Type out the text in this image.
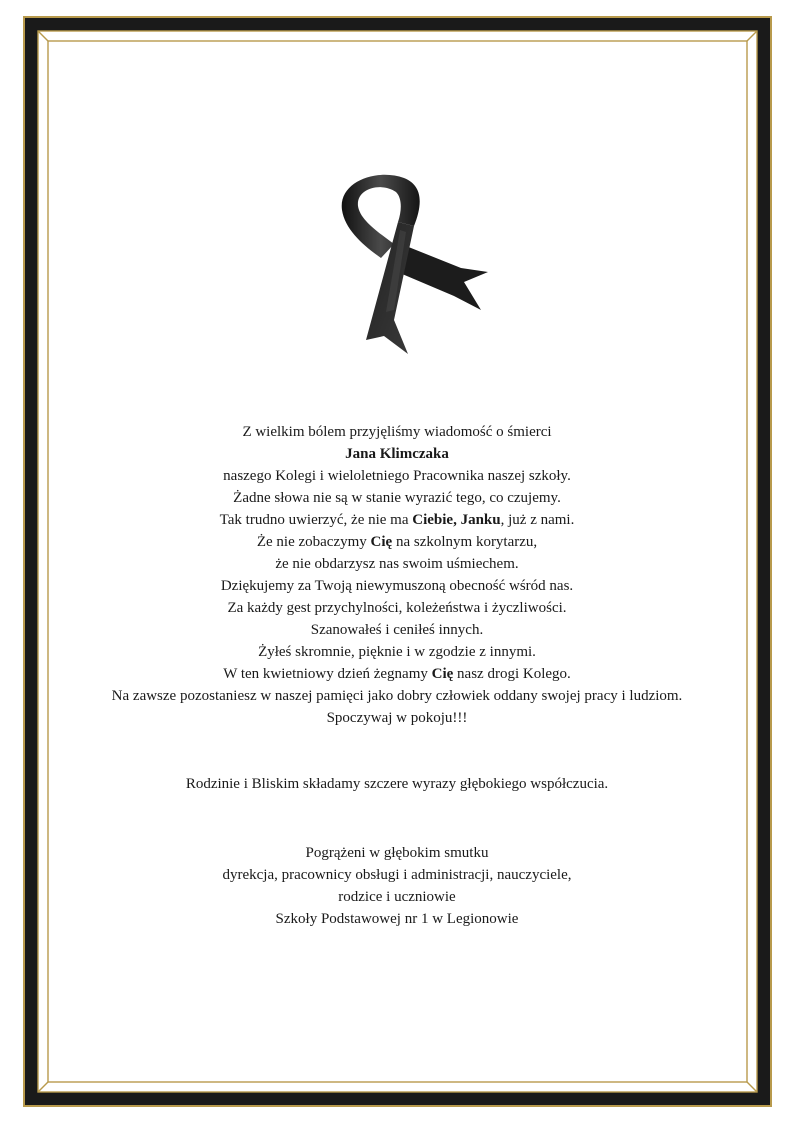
Z wielkim bólem przyjęliśmy wiadomość o śmierci
Jana Klimczaka
naszego Kolegi i wieloletniego Pracownika naszej szkoły.
Żadne słowa nie są w stanie wyrazić tego, co czujemy.
Tak trudno uwierzyć, że nie ma Ciebie, Janku, już z nami.
Że nie zobaczymy Cię na szkolnym korytarzu,
że nie obdarzysz nas swoim uśmiechem.
Dziękujemy za Twoją niewymuszoną obecność wśród nas.
Za każdy gest przychylności, koleżeństwa i życzliwości.
Szanowałeś i ceniłeś innych.
Żyłeś skromnie, pięknie i w zgodzie z innymi.
W ten kwietniowy dzień żegnamy Cię nasz drogi Kolego.
Na zawsze pozostaniesz w naszej pamięci jako dobry człowiek oddany swojej pracy i ludziom.
Spoczywaj w pokoju!!!
Rodzinie i Bliskim składamy szczere wyrazy głębokiego współczucia.
Pogrążeni w głębokim smutku
dyrekcja, pracownicy obsługi i administracji, nauczyciele,
rodzice i uczniowie
Szkoły Podstawowej nr 1 w Legionowie
